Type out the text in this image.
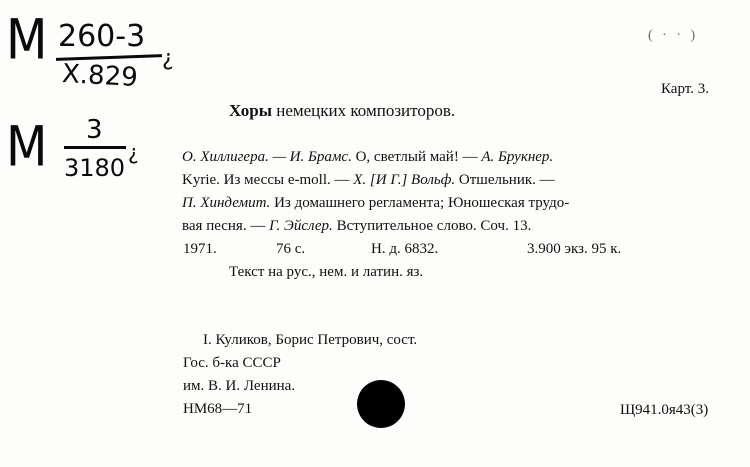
М 260-3
Х.829
¿
М 3
3180
¿
( · · )
Карт. 3.
Хоры немецких композиторов.
О. Хиллигера. — И. Брамс. О, светлый май! — А. Брукнер.
Kyrie. Из мессы e-moll. — Х. [И Г.] Вольф. Отшельник. —
П. Хиндемит. Из домашнего регламента; Юношеская трудо-
вая песня. — Г. Эйслер. Вступительное слово. Соч. 13.
1971.	76 с.	Н. д. 6832.	3.900 экз. 95 к.
Текст на рус., нем. и латин. яз.
I. Куликов, Борис Петрович, сост.
Гос. б-ка СССР
им. В. И. Ленина.
НМ68—71	Щ941.0я43(3)
